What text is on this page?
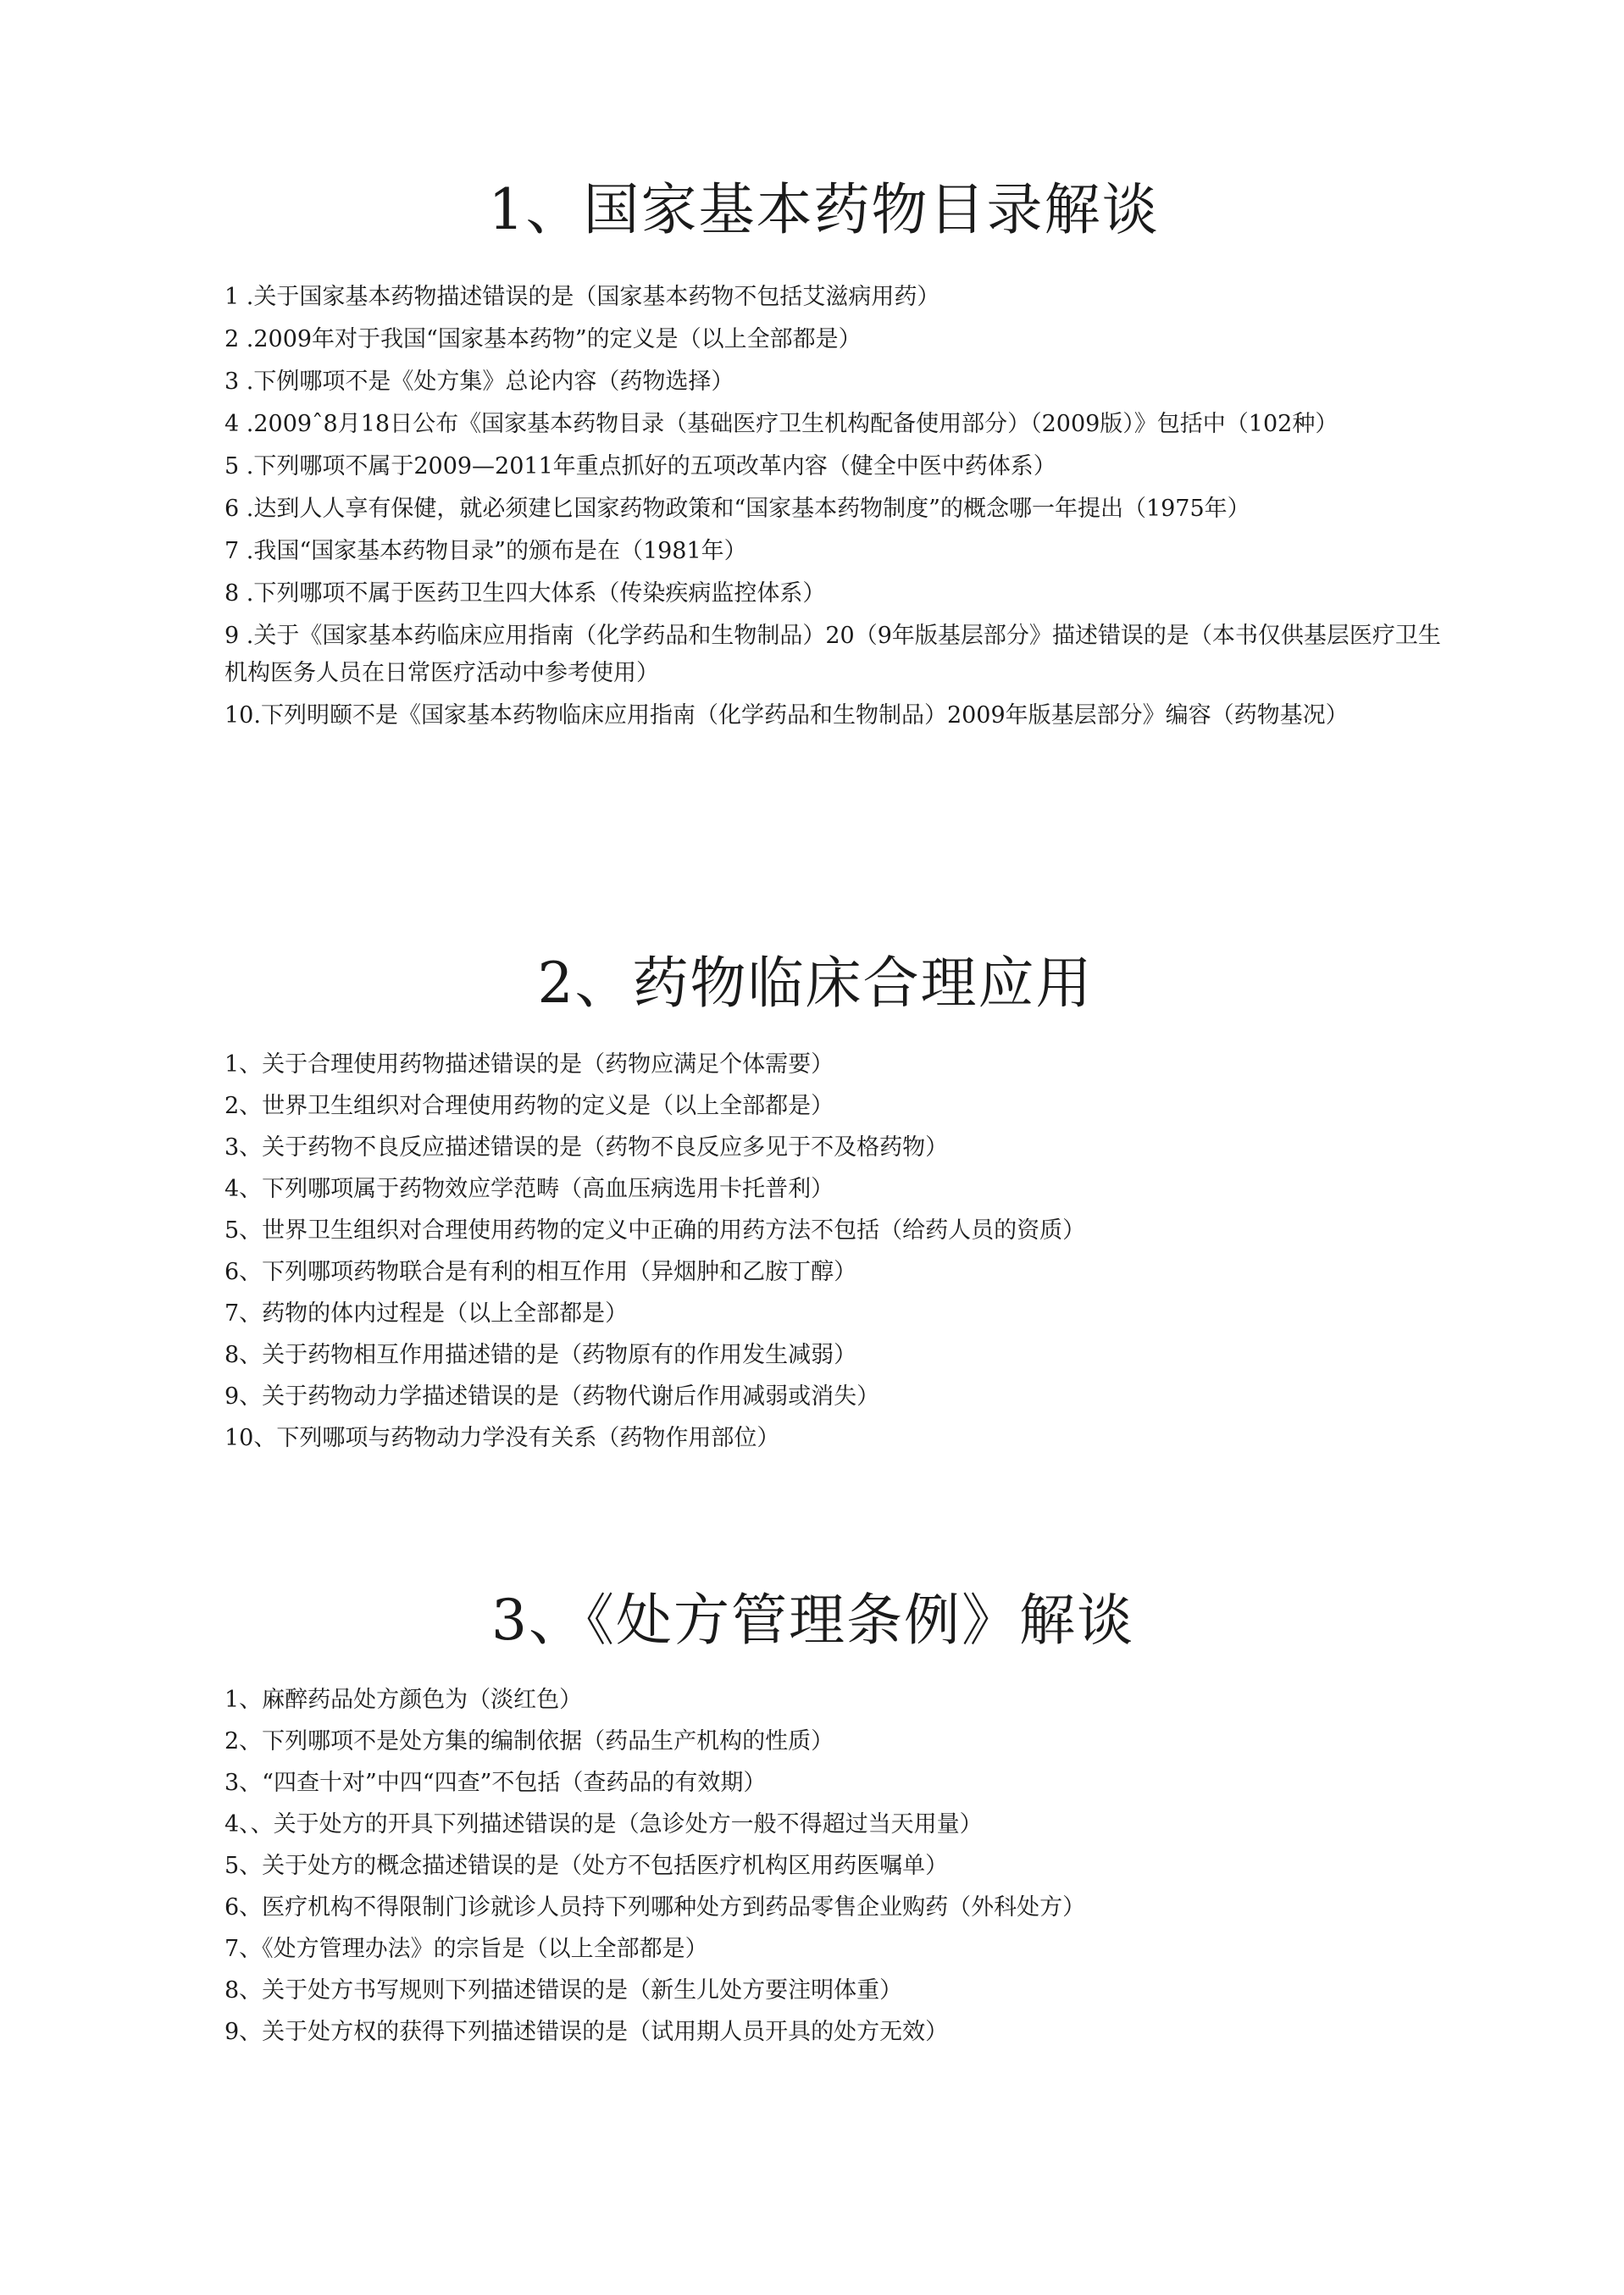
1、国家基本药物目录解谈
1 .关于国家基本药物描述错误的是（国家基本药物不包括艾滋病用药）
2 .2009年对于我国“国家基本药物”的定义是（以上全部都是）
3 .下例哪项不是《处方集》总论内容（药物选择）
4 .2009ˆ8月18日公布《国家基本药物目录（基础医疗卫生机构配备使用部分）（2009版）》包括中（102种）
5 .下列哪项不属于2009—2011年重点抓好的五项改革内容（健全中医中药体系）
6 .达到人人享有保健，就必须建匕国家药物政策和“国家基本药物制度”的概念哪一年提出（1975年）
7 .我国“国家基本药物目录”的颁布是在（1981年）
8 .下列哪项不属于医药卫生四大体系（传染疾病监控体系）
9 .关于《国家基本药临床应用指南（化学药品和生物制品）20（9年版基层部分》描述错误的是（本书仅供基层医疗卫生机构医务人员在日常医疗活动中参考使用）
10.下列明颐不是《国家基本药物临床应用指南（化学药品和生物制品）2009年版基层部分》编容（药物基况）
2、药物临床合理应用
1、关于合理使用药物描述错误的是（药物应满足个体需要）
2、世界卫生组织对合理使用药物的定义是（以上全部都是）
3、关于药物不良反应描述错误的是（药物不良反应多见于不及格药物）
4、下列哪项属于药物效应学范畴（高血压病选用卡托普利）
5、世界卫生组织对合理使用药物的定义中正确的用药方法不包括（给药人员的资质）
6、下列哪项药物联合是有利的相互作用（异烟肿和乙胺丁醇）
7、药物的体内过程是（以上全部都是）
8、关于药物相互作用描述错的是（药物原有的作用发生减弱）
9、关于药物动力学描述错误的是（药物代谢后作用减弱或消失）
10、下列哪项与药物动力学没有关系（药物作用部位）
3、《处方管理条例》解谈
1、麻醉药品处方颜色为（淡红色）
2、下列哪项不是处方集的编制依据（药品生产机构的性质）
3、“四查十对”中四“四查”不包括（查药品的有效期）
4、、关于处方的开具下列描述错误的是（急诊处方一般不得超过当天用量）
5、关于处方的概念描述错误的是（处方不包括医疗机构区用药医嘱单）
6、医疗机构不得限制门诊就诊人员持下列哪种处方到药品零售企业购药（外科处方）
7、《处方管理办法》的宗旨是（以上全部都是）
8、关于处方书写规则下列描述错误的是（新生儿处方要注明体重）
9、关于处方权的获得下列描述错误的是（试用期人员开具的处方无效）
